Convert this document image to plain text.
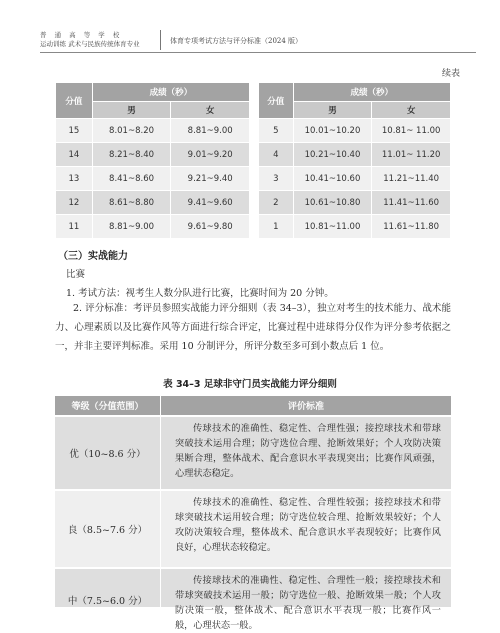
普 通 高 等 学 校
运动训练 武术与民族传统体育专业	体育专项考试方法与评分标准（2024 版）
续表
分值	成绩（秒）	
	男	女
15	8.01~8.20	8.81~9.00
14	8.21~8.40	9.01~9.20
13	8.41~8.60	9.21~9.40
12	8.61~8.80	9.41~9.60
11	8.81~9.00	9.61~9.80
分值	成绩（秒）	
	男	女
5	10.01~10.20	10.81~ 11.00
4	10.21~10.40	11.01~ 11.20
3	10.41~10.60	11.21~11.40
2	10.61~10.80	11.41~11.60
1	10.81~11.00	11.61~11.80
（三）实战能力
比赛
1. 考试方法：视考生人数分队进行比赛，比赛时间为 20 分钟。
2. 评分标准：考评员参照实战能力评分细则（表 34–3），独立对考生的技术能力、战术能力、心理素质以及比赛作风等方面进行综合评定，比赛过程中进球得分仅作为评分参考依据之一，并非主要评判标准。采用 10 分制评分，所评分数至多可到小数点后 1 位。
表 34–3 足球非守门员实战能力评分细则
等级（分值范围）	评价标准
优（10~8.6 分）
传球技术的准确性、稳定性、合理性强；接控球技术和带球突破技术运用合理；防守选位合理、抢断效果好；个人攻防决策果断合理，整体战术、配合意识水平表现突出；比赛作风顽强，心理状态稳定。
良（8.5~7.6 分）
传球技术的准确性、稳定性、合理性较强；接控球技术和带球突破技术运用较合理；防守选位较合理、抢断效果较好；个人攻防决策较合理，整体战术、配合意识水平表现较好；比赛作风良好，心理状态较稳定。
中（7.5~6.0 分）
传接球技术的准确性、稳定性、合理性一般；接控球技术和带球突破技术运用一般；防守选位一般、抢断效果一般；个人攻防决策一般，整体战术、配合意识水平表现一般；比赛作风一般，心理状态一般。
